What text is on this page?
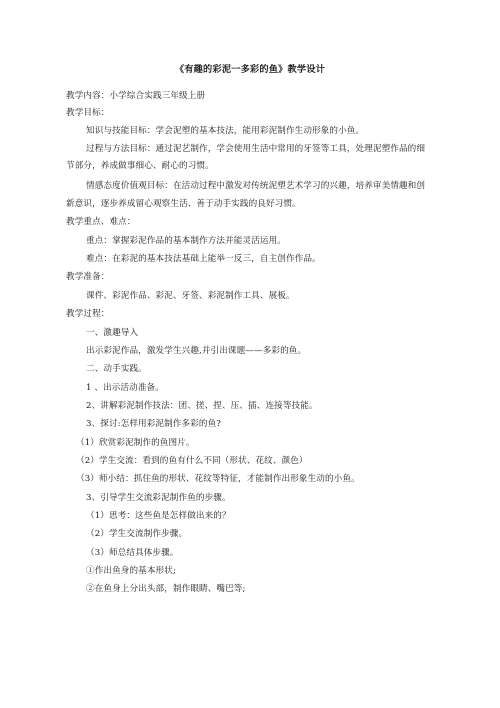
《有趣的彩泥一多彩的鱼》教学设计
教学内容：小学综合实践三年级上册
教学目标：
知识与技能目标：学会泥塑的基本技法，能用彩泥制作生动形象的小鱼。
过程与方法目标：通过泥艺制作，学会使用生活中常用的牙签等工具，处理泥塑作品的细
节部分，养成做事细心、耐心的习惯。
情感态度价值观目标：在活动过程中激发对传统泥塑艺术学习的兴趣，培养审美情趣和创
新意识，逐步养成留心观察生活、善于动手实践的良好习惯。
教学重点、难点：
重点：掌握彩泥作品的基本制作方法并能灵活运用。
难点：在彩泥的基本技法基础上能举一反三，自主创作作品。
教学准备：
课件、彩泥作品、彩泥、牙签、彩泥制作工具、展板。
教学过程：
一、激趣导入
出示彩泥作品，激发学生兴趣,并引出课题——多彩的鱼。
二、动手实践。
1 、出示活动准备。
2、讲解彩泥制作技法：团、搓、捏、压、插、连接等技能。
3、探讨:怎样用彩泥制作多彩的鱼?
（1）欣赏彩泥制作的鱼图片。
（2）学生交流：看到的鱼有什么不同（形状、花纹、颜色）
（3）师小结：抓住鱼的形状、花纹等特征，才能制作出形象生动的小鱼。
3、引导学生交流彩泥制作鱼的步骤。
（1）思考：这些鱼是怎样做出来的？
（2）学生交流制作步骤。
（3）师总结具体步骤。
①作出鱼身的基本形状;
②在鱼身上分出头部，制作眼睛、嘴巴等;
